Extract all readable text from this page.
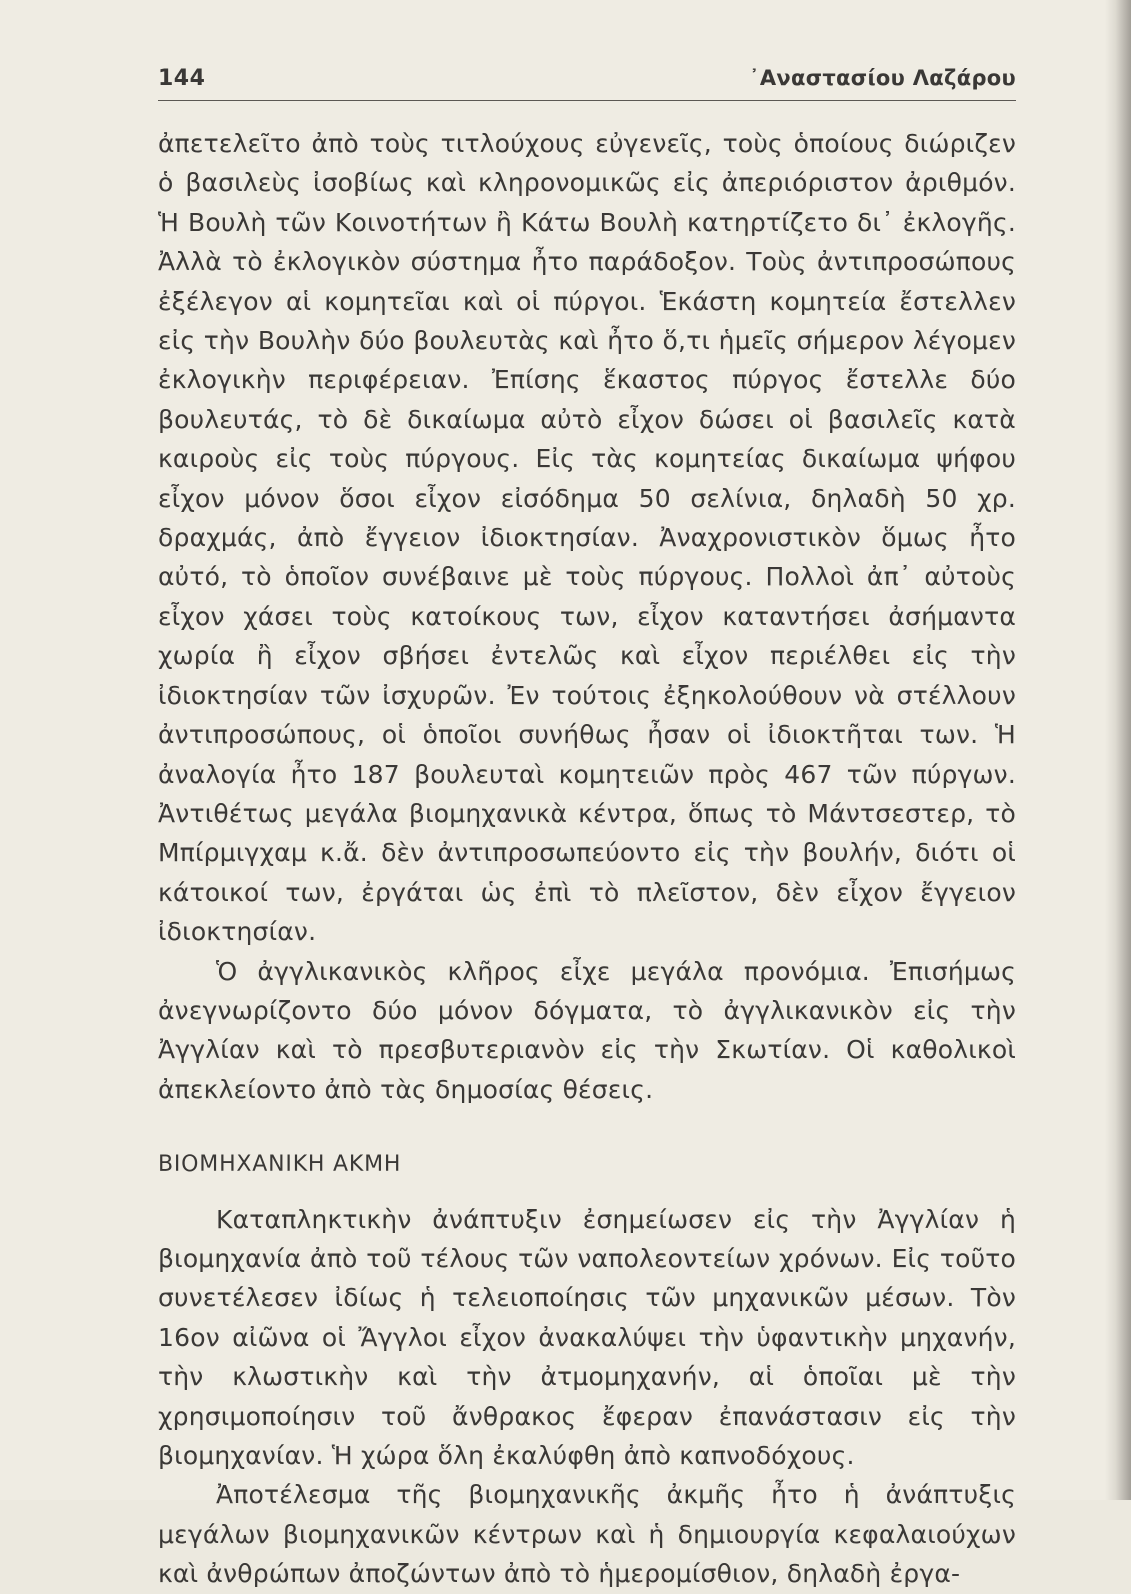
144	᾿Αναστασίου Λαζάρου

ἀπετελεῖτο ἀπὸ τοὺς τιτλούχους εὐγενεῖς, τοὺς ὁποίους διώριζεν ὁ βασιλεὺς ἰσοβίως καὶ κληρονομικῶς εἰς ἀπεριόριστον ἀριθμόν. Ἡ Βουλὴ τῶν Κοινοτήτων ἢ Κάτω Βουλὴ κατηρτίζετο δι᾿ ἐκλογῆς. Ἀλλὰ τὸ ἐκλογικὸν σύστημα ἦτο παράδοξον. Τοὺς ἀντιπροσώπους ἐξέλεγον αἱ κομητεῖαι καὶ οἱ πύργοι. Ἑκάστη κομητεία ἔστελλεν εἰς τὴν Βουλὴν δύο βουλευτὰς καὶ ἦτο ὅ,τι ἡμεῖς σήμερον λέγομεν ἐκλογικὴν περιφέρειαν. Ἐπίσης ἕκαστος πύργος ἔστελλε δύο βουλευτάς, τὸ δὲ δικαίωμα αὐτὸ εἶχον δώσει οἱ βασιλεῖς κατὰ καιροὺς εἰς τοὺς πύργους. Εἰς τὰς κομητείας δικαίωμα ψήφου εἶχον μόνον ὅσοι εἶχον εἰσόδημα 50 σελίνια, δηλαδὴ 50 χρ. δραχμάς, ἀπὸ ἔγγειον ἰδιοκτησίαν. Ἀναχρονιστικὸν ὅμως ἦτο αὐτό, τὸ ὁποῖον συνέβαινε μὲ τοὺς πύργους. Πολλοὶ ἀπ᾿ αὐτοὺς εἶχον χάσει τοὺς κατοίκους των, εἶχον καταντήσει ἀσήμαντα χωρία ἢ εἶχον σβήσει ἐντελῶς καὶ εἶχον περιέλθει εἰς τὴν ἰδιοκτησίαν τῶν ἰσχυρῶν. Ἐν τούτοις ἐξηκολούθουν νὰ στέλλουν ἀντιπροσώπους, οἱ ὁποῖοι συνήθως ἦσαν οἱ ἰδιοκτῆται των. Ἡ ἀναλογία ἦτο 187 βουλευταὶ κομητειῶν πρὸς 467 τῶν πύργων. Ἀντιθέτως μεγάλα βιομηχανικὰ κέντρα, ὅπως τὸ Μάντσεστερ, τὸ Μπίρμιγχαμ κ.ἄ. δὲν ἀντιπροσωπεύοντο εἰς τὴν βουλήν, διότι οἱ κάτοικοί των, ἐργάται ὡς ἐπὶ τὸ πλεῖστον, δὲν εἶχον ἔγγειον ἰδιοκτησίαν.

Ὁ ἀγγλικανικὸς κλῆρος εἶχε μεγάλα προνόμια. Ἐπισήμως ἀνεγνωρίζοντο δύο μόνον δόγματα, τὸ ἀγγλικανικὸν εἰς τὴν Ἀγγλίαν καὶ τὸ πρεσβυτεριανὸν εἰς τὴν Σκωτίαν. Οἱ καθολικοὶ ἀπεκλείοντο ἀπὸ τὰς δημοσίας θέσεις.

ΒΙΟΜΗΧΑΝΙΚΗ ΑΚΜΗ

Καταπληκτικὴν ἀνάπτυξιν ἐσημείωσεν εἰς τὴν Ἀγγλίαν ἡ βιομηχανία ἀπὸ τοῦ τέλους τῶν ναπολεοντείων χρόνων. Εἰς τοῦτο συνετέλεσεν ἰδίως ἡ τελειοποίησις τῶν μηχανικῶν μέσων. Τὸν 16ον αἰῶνα οἱ Ἄγγλοι εἶχον ἀνακαλύψει τὴν ὑφαντικὴν μηχανήν, τὴν κλωστικὴν καὶ τὴν ἀτμομηχανήν, αἱ ὁποῖαι μὲ τὴν χρησιμοποίησιν τοῦ ἄνθρακος ἔφεραν ἐπανάστασιν εἰς τὴν βιομηχανίαν. Ἡ χώρα ὅλη ἐκαλύφθη ἀπὸ καπνοδόχους.

Ἀποτέλεσμα τῆς βιομηχανικῆς ἀκμῆς ἦτο ἡ ἀνάπτυξις μεγάλων βιομηχανικῶν κέντρων καὶ ἡ δημιουργία κεφαλαιούχων καὶ ἀνθρώπων ἀποζώντων ἀπὸ τὸ ἡμερομίσθιον, δηλαδὴ ἐργα-
